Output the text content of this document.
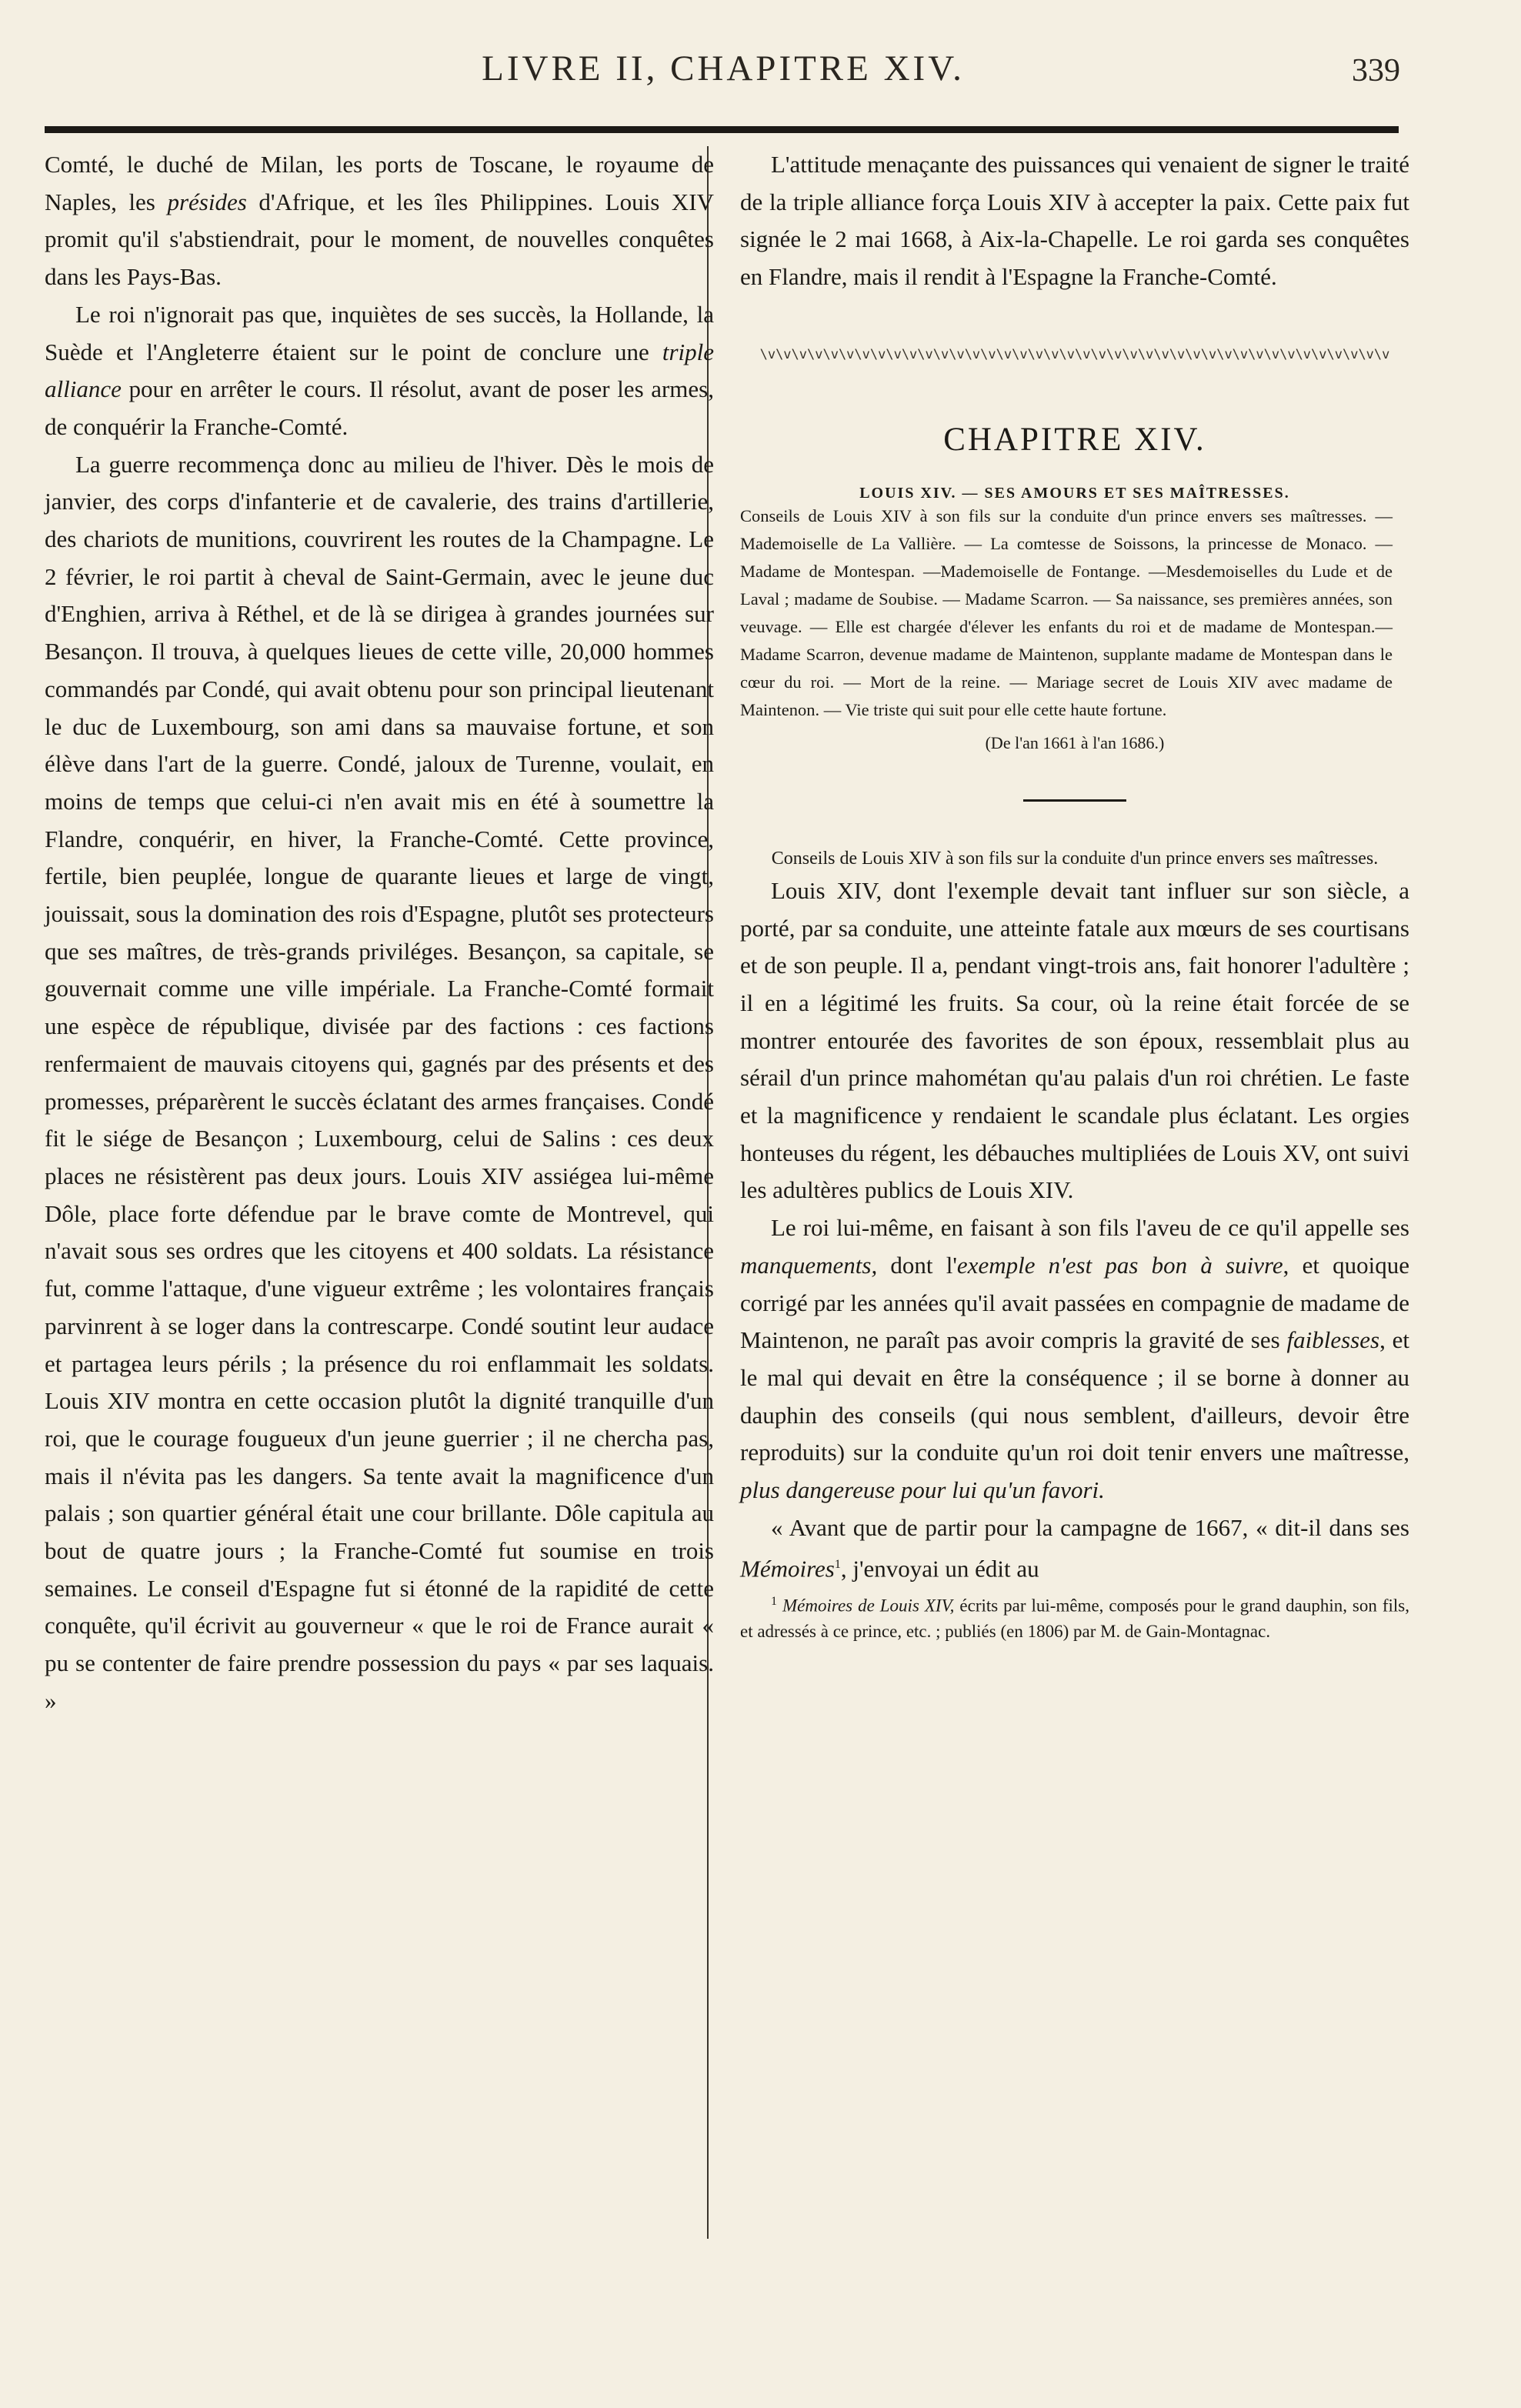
LIVRE II, CHAPITRE XIV.	339

Comté, le duché de Milan, les ports de Toscane, le royaume de Naples, les présides d'Afrique, et les îles Philippines. Louis XIV promit qu'il s'abstiendrait, pour le moment, de nouvelles conquêtes dans les Pays-Bas.

Le roi n'ignorait pas que, inquiètes de ses succès, la Hollande, la Suède et l'Angleterre étaient sur le point de conclure une triple alliance pour en arrêter le cours. Il résolut, avant de poser les armes, de conquérir la Franche-Comté.

La guerre recommença donc au milieu de l'hiver. Dès le mois de janvier, des corps d'infanterie et de cavalerie, des trains d'artillerie, des chariots de munitions, couvrirent les routes de la Champagne. Le 2 février, le roi partit à cheval de Saint-Germain, avec le jeune duc d'Enghien, arriva à Réthel, et de là se dirigea à grandes journées sur Besançon. Il trouva, à quelques lieues de cette ville, 20,000 hommes commandés par Condé, qui avait obtenu pour son principal lieutenant le duc de Luxembourg, son ami dans sa mauvaise fortune, et son élève dans l'art de la guerre. Condé, jaloux de Turenne, voulait, en moins de temps que celui-ci n'en avait mis en été à soumettre la Flandre, conquérir, en hiver, la Franche-Comté. Cette province, fertile, bien peuplée, longue de quarante lieues et large de vingt, jouissait, sous la domination des rois d'Espagne, plutôt ses protecteurs que ses maîtres, de très-grands priviléges. Besançon, sa capitale, se gouvernait comme une ville impériale. La Franche-Comté formait une espèce de république, divisée par des factions : ces factions renfermaient de mauvais citoyens qui, gagnés par des présents et des promesses, préparèrent le succès éclatant des armes françaises. Condé fit le siége de Besançon ; Luxembourg, celui de Salins : ces deux places ne résistèrent pas deux jours. Louis XIV assiégea lui-même Dôle, place forte défendue par le brave comte de Montrevel, qui n'avait sous ses ordres que les citoyens et 400 soldats. La résistance fut, comme l'attaque, d'une vigueur extrême ; les volontaires français parvinrent à se loger dans la contrescarpe. Condé soutint leur audace et partagea leurs périls ; la présence du roi enflammait les soldats. Louis XIV montra en cette occasion plutôt la dignité tranquille d'un roi, que le courage fougueux d'un jeune guerrier ; il ne chercha pas, mais il n'évita pas les dangers. Sa tente avait la magnificence d'un palais ; son quartier général était une cour brillante. Dôle capitula au bout de quatre jours ; la Franche-Comté fut soumise en trois semaines. Le conseil d'Espagne fut si étonné de la rapidité de cette conquête, qu'il écrivit au gouverneur « que le roi de France aurait « pu se contenter de faire prendre possession du pays « par ses laquais. »

L'attitude menaçante des puissances qui venaient de signer le traité de la triple alliance força Louis XIV à accepter la paix. Cette paix fut signée le 2 mai 1668, à Aix-la-Chapelle. Le roi garda ses conquêtes en Flandre, mais il rendit à l'Espagne la Franche-Comté.

\v\v\v\v\v\v\v\v\v\v\v\v\v\v\v\v\v\v\v\v\v\v\v\v\v\v\v\v\v\v\v\v\v\v\v\v\v\v\v\v
CHAPITRE XIV.
LOUIS XIV. — SES AMOURS ET SES MAÎTRESSES.

Conseils de Louis XIV à son fils sur la conduite d'un prince envers ses maîtresses. — Mademoiselle de La Vallière. — La comtesse de Soissons, la princesse de Monaco. — Madame de Montespan. —Mademoiselle de Fontange. —Mesdemoiselles du Lude et de Laval ; madame de Soubise. — Madame Scarron. — Sa naissance, ses premières années, son veuvage. — Elle est chargée d'élever les enfants du roi et de madame de Montespan.— Madame Scarron, devenue madame de Maintenon, supplante madame de Montespan dans le cœur du roi. — Mort de la reine. — Mariage secret de Louis XIV avec madame de Maintenon. — Vie triste qui suit pour elle cette haute fortune.

(De l'an 1661 à l'an 1686.)
Conseils de Louis XIV à son fils sur la conduite d'un prince envers ses maîtresses.

Louis XIV, dont l'exemple devait tant influer sur son siècle, a porté, par sa conduite, une atteinte fatale aux mœurs de ses courtisans et de son peuple. Il a, pendant vingt-trois ans, fait honorer l'adultère ; il en a légitimé les fruits. Sa cour, où la reine était forcée de se montrer entourée des favorites de son époux, ressemblait plus au sérail d'un prince mahométan qu'au palais d'un roi chrétien. Le faste et la magnificence y rendaient le scandale plus éclatant. Les orgies honteuses du régent, les débauches multipliées de Louis XV, ont suivi les adultères publics de Louis XIV.

Le roi lui-même, en faisant à son fils l'aveu de ce qu'il appelle ses manquements, dont l'exemple n'est pas bon à suivre, et quoique corrigé par les années qu'il avait passées en compagnie de madame de Maintenon, ne paraît pas avoir compris la gravité de ses faiblesses, et le mal qui devait en être la conséquence ; il se borne à donner au dauphin des conseils (qui nous semblent, d'ailleurs, devoir être reproduits) sur la conduite qu'un roi doit tenir envers une maîtresse, plus dangereuse pour lui qu'un favori.

« Avant que de partir pour la campagne de 1667, « dit-il dans ses Mémoires$^1$, j'envoyai un édit au

$^1$ Mémoires de Louis XIV, écrits par lui-même, composés pour le grand dauphin, son fils, et adressés à ce prince, etc. ; publiés (en 1806) par M. de Gain-Montagnac.
